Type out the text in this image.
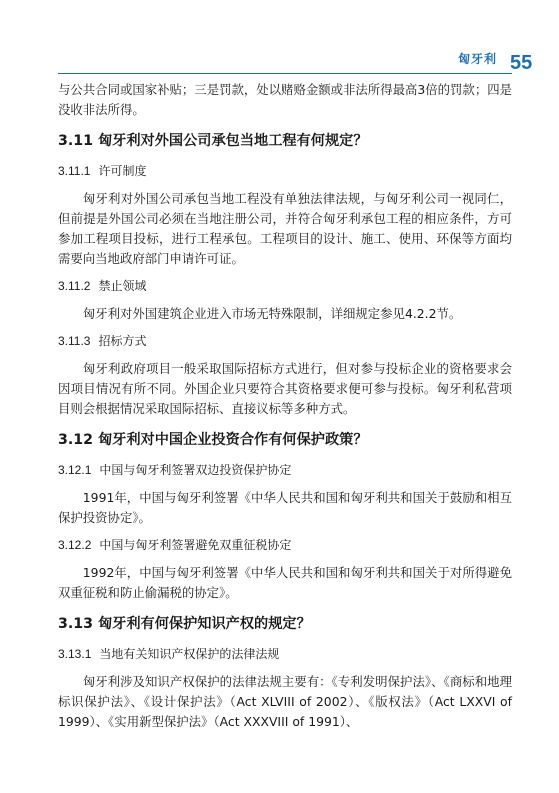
匈牙利 55

与公共合同或国家补贴；三是罚款，处以赌赂金额或非法所得最高3倍的罚款；四是没收非法所得。

3.11 匈牙利对外国公司承包当地工程有何规定？
3.11.1 许可制度

匈牙利对外国公司承包当地工程没有单独法律法规，与匈牙利公司一视同仁，但前提是外国公司必须在当地注册公司，并符合匈牙利承包工程的相应条件，方可参加工程项目投标，进行工程承包。工程项目的设计、施工、使用、环保等方面均需要向当地政府部门申请许可证。

3.11.2 禁止领域

匈牙利对外国建筑企业进入市场无特殊限制，详细规定参见4.2.2节。

3.11.3 招标方式

匈牙利政府项目一般采取国际招标方式进行，但对参与投标企业的资格要求会因项目情况有所不同。外国企业只要符合其资格要求便可参与投标。匈牙利私营项目则会根据情况采取国际招标、直接议标等多种方式。

3.12 匈牙利对中国企业投资合作有何保护政策？
3.12.1 中国与匈牙利签署双边投资保护协定

1991年，中国与匈牙利签署《中华人民共和国和匈牙利共和国关于鼓励和相互保护投资协定》。

3.12.2 中国与匈牙利签署避免双重征税协定

1992年，中国与匈牙利签署《中华人民共和国和匈牙利共和国关于对所得避免双重征税和防止偷漏税的协定》。

3.13 匈牙利有何保护知识产权的规定？
3.13.1 当地有关知识产权保护的法律法规

匈牙利涉及知识产权保护的法律法规主要有：《专利发明保护法》、《商标和地理标识保护法》、《设计保护法》（Act XLVIII of 2002）、《版权法》（Act LXXVI of 1999）、《实用新型保护法》（Act XXXVIII of 1991）、
